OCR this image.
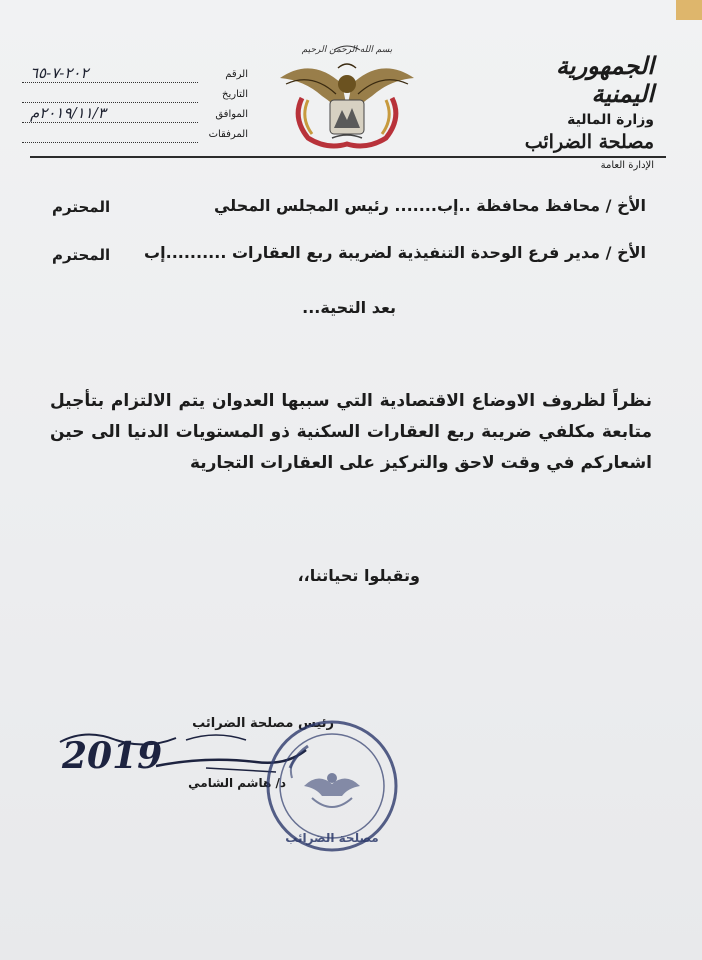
الجمهورية اليمنية
وزارة المالية
مصلحة الضرائب
الإدارة العامة
بسم الله الرحمن الرحيم
الرقم
٢٠٢-٧-٦٥
التاريخ
الموافق
٢٠١٩/١١/٣م
المرفقات
الأخ / محافظ محافظة ..إب....... رئيس المجلس المحلي
المحترم
الأخ / مدير فرع الوحدة التنفيذية لضريبة ربع العقارات ..........إب
المحترم
بعد التحية...
نظراً لظروف الاوضاع الاقتصادية التي سببها العدوان يتم الالتزام بتأجيل متابعة مكلفي ضريبة ربع العقارات السكنية ذو المستويات الدنيا الى حين اشعاركم في وقت لاحق والتركيز على العقارات التجارية
وتقبلوا تحياتنا،،
رئيس مصلحة الضرائب
د/ هاشم الشامي
2019
مصلحة الضرائب
